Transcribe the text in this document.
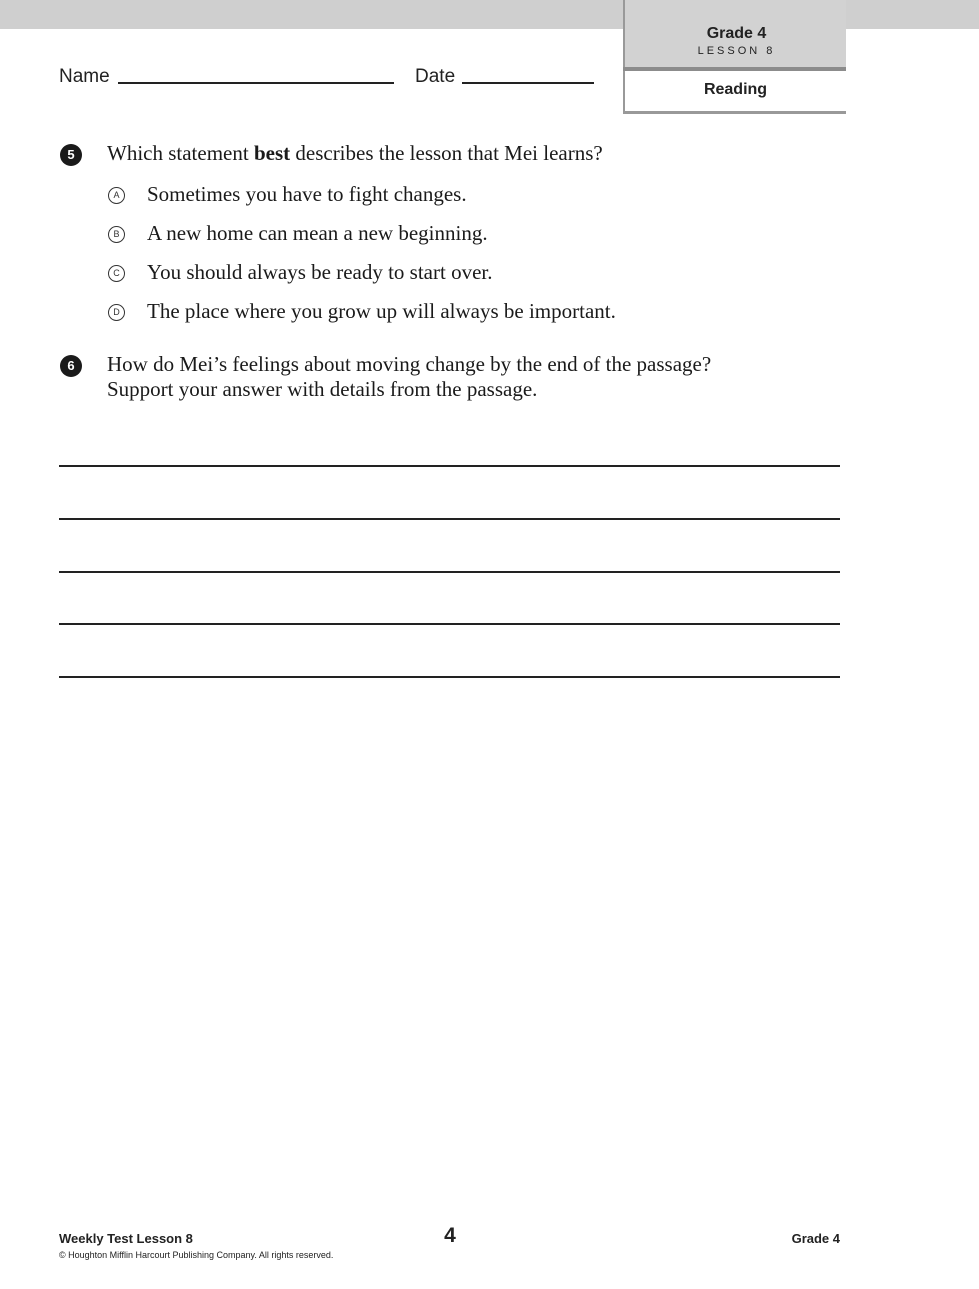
Grade 4
LESSON 8
Reading
Name	Date
5	Which statement best describes the lesson that Mei learns?
A Sometimes you have to fight changes.
B A new home can mean a new beginning.
C You should always be ready to start over.
D The place where you grow up will always be important.
6	How do Mei’s feelings about moving change by the end of the passage?
Support your answer with details from the passage.
Weekly Test Lesson 8
© Houghton Mifflin Harcourt Publishing Company. All rights reserved.
4	Grade 4
